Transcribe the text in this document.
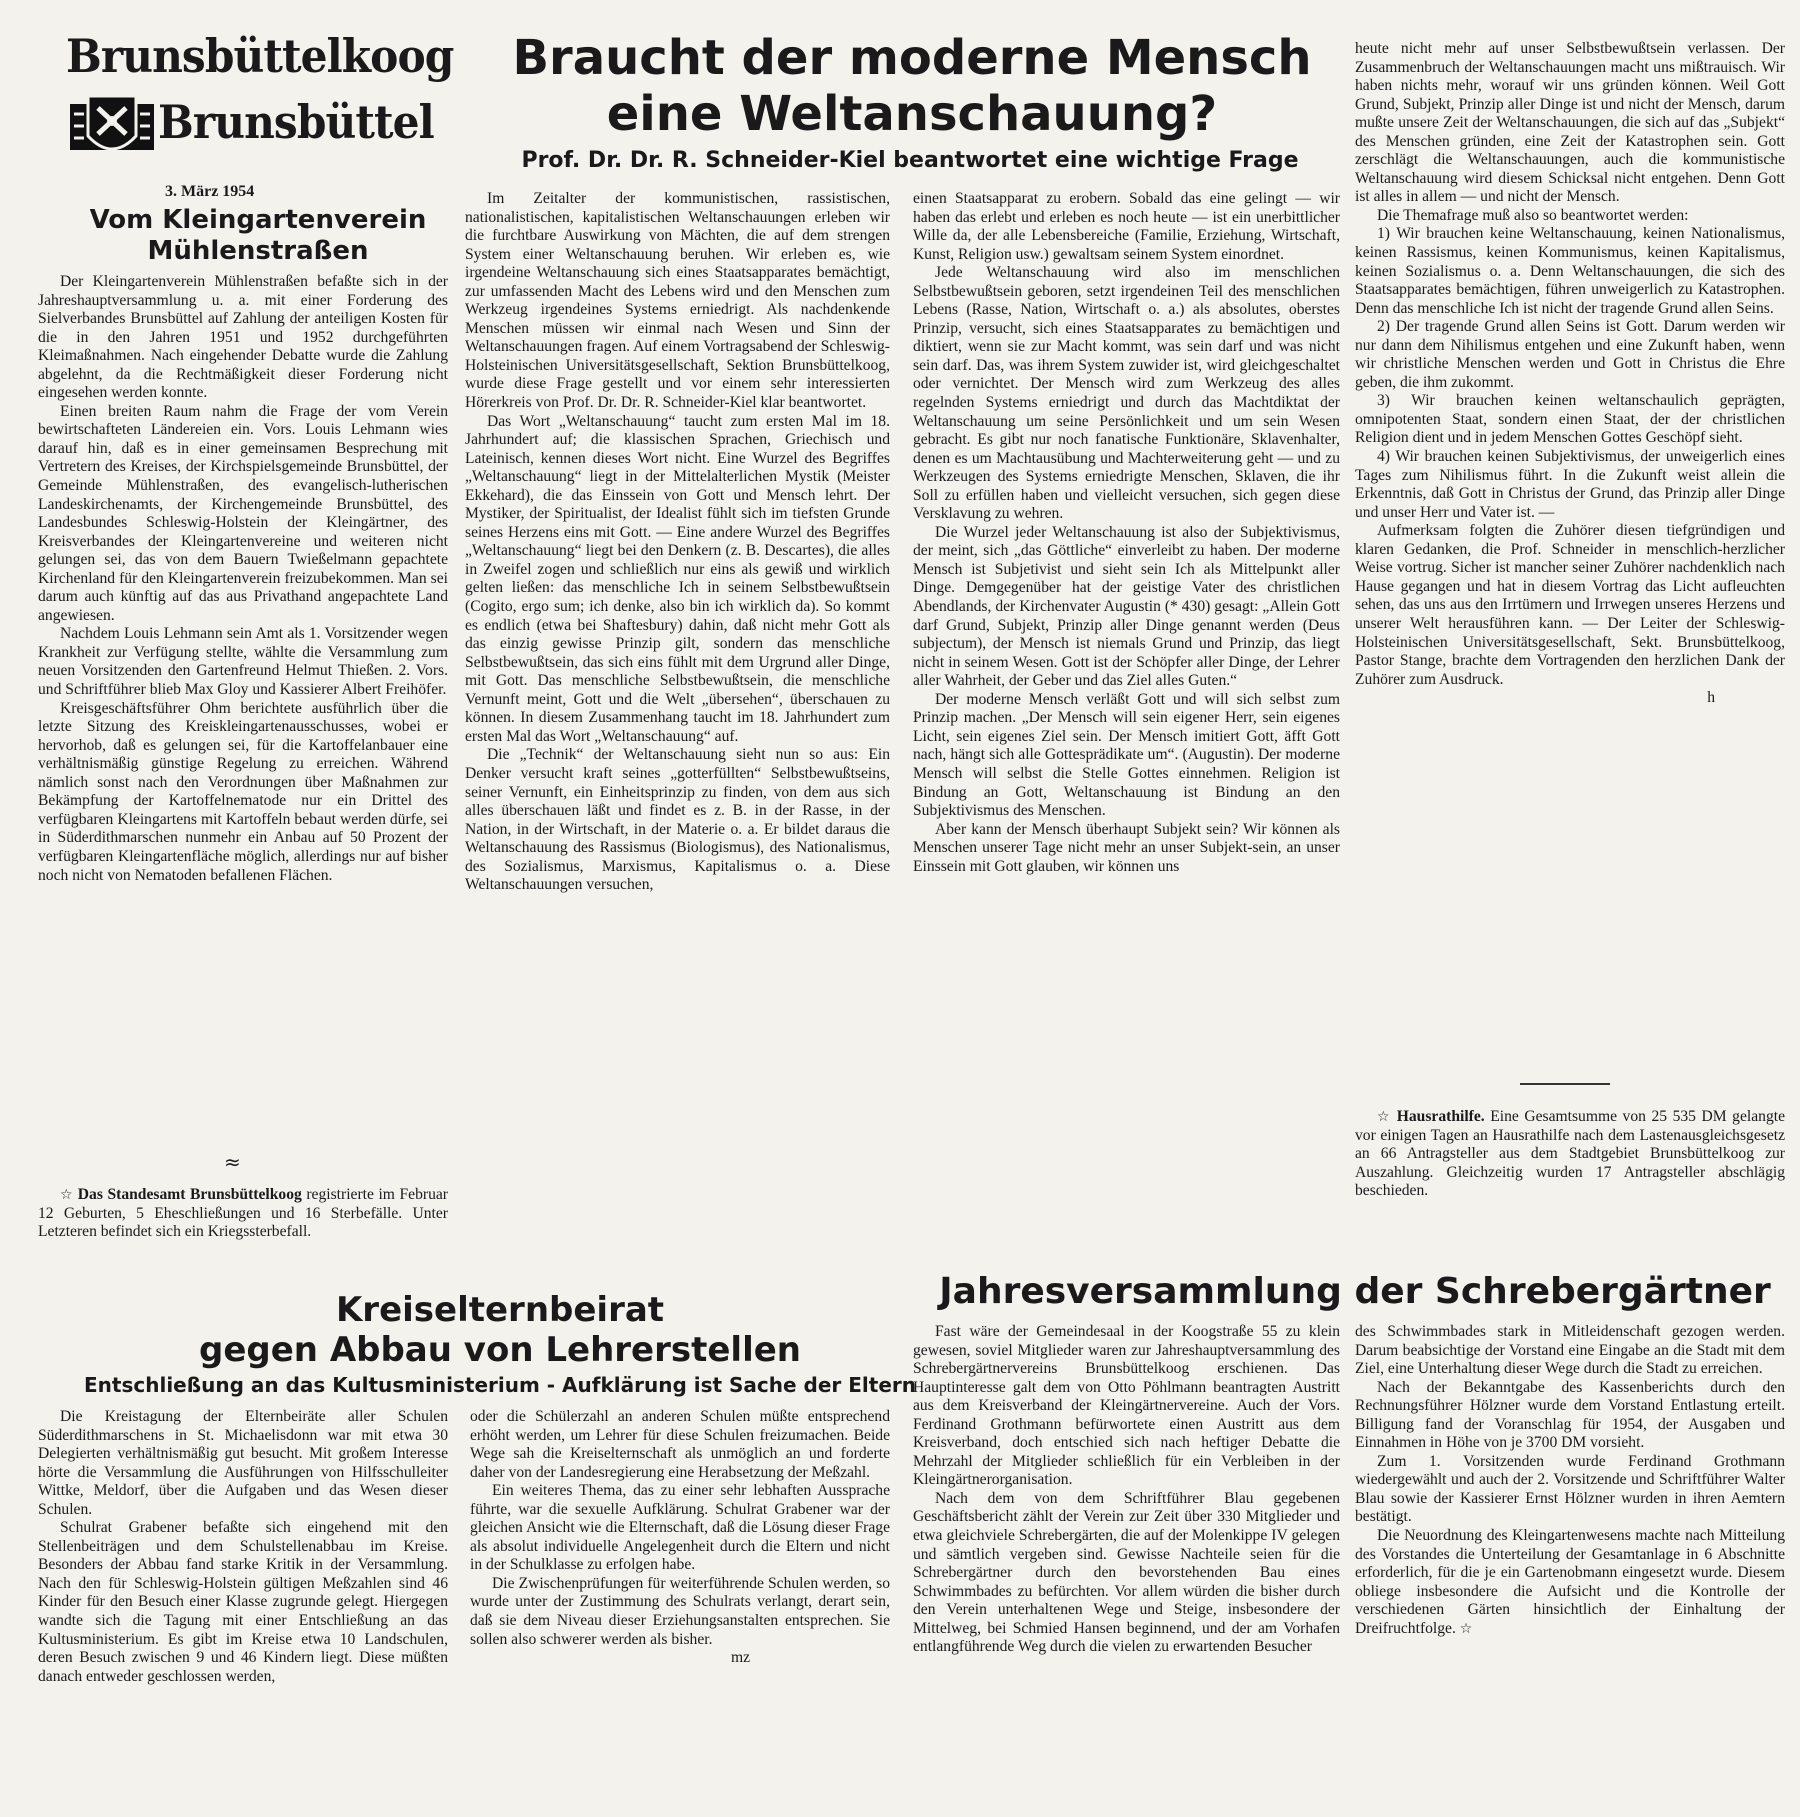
Brunsbüttelkoog
Brunsbüttel
3. März 1954
Braucht der moderne Mensch
eine Weltanschauung?
Prof. Dr. Dr. R. Schneider-Kiel beantwortet eine wichtige Frage

Im Zeitalter der kommunistischen, rassistischen, nationalistischen, kapitalistischen Weltanschauungen erleben wir die furchtbare Auswirkung von Mächten, die auf dem strengen System einer Weltanschauung beruhen. Wir erleben es, wie irgendeine Weltanschauung sich eines Staatsapparates bemächtigt, zur umfassenden Macht des Lebens wird und den Menschen zum Werkzeug irgendeines Systems erniedrigt. Als nachdenkende Menschen müssen wir einmal nach Wesen und Sinn der Weltanschauungen fragen. Auf einem Vortragsabend der Schleswig-Holsteinischen Universitätsgesellschaft, Sektion Brunsbüttelkoog, wurde diese Frage gestellt und vor einem sehr interessierten Hörerkreis von Prof. Dr. Dr. R. Schneider-Kiel klar beantwortet.

Das Wort „Weltanschauung“ taucht zum ersten Mal im 18. Jahrhundert auf; die klassischen Sprachen, Griechisch und Lateinisch, kennen dieses Wort nicht. Eine Wurzel des Begriffes „Weltanschauung“ liegt in der Mittelalterlichen Mystik (Meister Ekkehard), die das Einssein von Gott und Mensch lehrt. Der Mystiker, der Spiritualist, der Idealist fühlt sich im tiefsten Grunde seines Herzens eins mit Gott. — Eine andere Wurzel des Begriffes „Weltanschauung“ liegt bei den Denkern (z. B. Descartes), die alles in Zweifel zogen und schließlich nur eins als gewiß und wirklich gelten ließen: das menschliche Ich in seinem Selbstbewußtsein (Cogito, ergo sum; ich denke, also bin ich wirklich da). So kommt es endlich (etwa bei Shaftesbury) dahin, daß nicht mehr Gott als das einzig gewisse Prinzip gilt, sondern das menschliche Selbstbewußtsein, das sich eins fühlt mit dem Urgrund aller Dinge, mit Gott. Das menschliche Selbstbewußtsein, die menschliche Vernunft meint, Gott und die Welt „übersehen“, überschauen zu können. In diesem Zusammenhang taucht im 18. Jahrhundert zum ersten Mal das Wort „Weltanschauung“ auf.

Die „Technik“ der Weltanschauung sieht nun so aus: Ein Denker versucht kraft seines „gotterfüllten“ Selbstbewußtseins, seiner Vernunft, ein Einheitsprinzip zu finden, von dem aus sich alles überschauen läßt und findet es z. B. in der Rasse, in der Nation, in der Wirtschaft, in der Materie o. a. Er bildet daraus die Weltanschauung des Rassismus (Biologismus), des Nationalismus, des Sozialismus, Marxismus, Kapitalismus o. a. Diese Weltanschauungen versuchen,

einen Staatsapparat zu erobern. Sobald das eine gelingt — wir haben das erlebt und erleben es noch heute — ist ein unerbittlicher Wille da, der alle Lebensbereiche (Familie, Erziehung, Wirtschaft, Kunst, Religion usw.) gewaltsam seinem System einordnet.

Jede Weltanschauung wird also im menschlichen Selbstbewußtsein geboren, setzt irgendeinen Teil des menschlichen Lebens (Rasse, Nation, Wirtschaft o. a.) als absolutes, oberstes Prinzip, versucht, sich eines Staatsapparates zu bemächtigen und diktiert, wenn sie zur Macht kommt, was sein darf und was nicht sein darf. Das, was ihrem System zuwider ist, wird gleichgeschaltet oder vernichtet. Der Mensch wird zum Werkzeug des alles regelnden Systems erniedrigt und durch das Machtdiktat der Weltanschauung um seine Persönlichkeit und um sein Wesen gebracht. Es gibt nur noch fanatische Funktionäre, Sklavenhalter, denen es um Machtausübung und Machterweiterung geht — und zu Werkzeugen des Systems erniedrigte Menschen, Sklaven, die ihr Soll zu erfüllen haben und vielleicht versuchen, sich gegen diese Versklavung zu wehren.

Die Wurzel jeder Weltanschauung ist also der Subjektivismus, der meint, sich „das Göttliche“ einverleibt zu haben. Der moderne Mensch ist Subjetivist und sieht sein Ich als Mittelpunkt aller Dinge. Demgegenüber hat der geistige Vater des christlichen Abendlands, der Kirchenvater Augustin (* 430) gesagt: „Allein Gott darf Grund, Subjekt, Prinzip aller Dinge genannt werden (Deus subjectum), der Mensch ist niemals Grund und Prinzip, das liegt nicht in seinem Wesen. Gott ist der Schöpfer aller Dinge, der Lehrer aller Wahrheit, der Geber und das Ziel alles Guten.“

Der moderne Mensch verläßt Gott und will sich selbst zum Prinzip machen. „Der Mensch will sein eigener Herr, sein eigenes Licht, sein eigenes Ziel sein. Der Mensch imitiert Gott, äfft Gott nach, hängt sich alle Gottesprädikate um“. (Augustin). Der moderne Mensch will selbst die Stelle Gottes einnehmen. Religion ist Bindung an Gott, Weltanschauung ist Bindung an den Subjektivismus des Menschen.

Aber kann der Mensch überhaupt Subjekt sein? Wir können als Menschen unserer Tage nicht mehr an unser Subjekt-sein, an unser Einssein mit Gott glauben, wir können uns

heute nicht mehr auf unser Selbstbewußtsein verlassen. Der Zusammenbruch der Weltanschauungen macht uns mißtrauisch. Wir haben nichts mehr, worauf wir uns gründen können. Weil Gott Grund, Subjekt, Prinzip aller Dinge ist und nicht der Mensch, darum mußte unsere Zeit der Weltanschauungen, die sich auf das „Subjekt“ des Menschen gründen, eine Zeit der Katastrophen sein. Gott zerschlägt die Weltanschauungen, auch die kommunistische Weltanschauung wird diesem Schicksal nicht entgehen. Denn Gott ist alles in allem — und nicht der Mensch.

Die Themafrage muß also so beantwortet werden:

1) Wir brauchen keine Weltanschauung, keinen Nationalismus, keinen Rassismus, keinen Kommunismus, keinen Kapitalismus, keinen Sozialismus o. a. Denn Weltanschauungen, die sich des Staatsapparates bemächtigen, führen unweigerlich zu Katastrophen. Denn das menschliche Ich ist nicht der tragende Grund allen Seins.

2) Der tragende Grund allen Seins ist Gott. Darum werden wir nur dann dem Nihilismus entgehen und eine Zukunft haben, wenn wir christliche Menschen werden und Gott in Christus die Ehre geben, die ihm zukommt.

3) Wir brauchen keinen weltanschaulich geprägten, omnipotenten Staat, sondern einen Staat, der der christlichen Religion dient und in jedem Menschen Gottes Geschöpf sieht.

4) Wir brauchen keinen Subjektivismus, der unweigerlich eines Tages zum Nihilismus führt. In die Zukunft weist allein die Erkenntnis, daß Gott in Christus der Grund, das Prinzip aller Dinge und unser Herr und Vater ist. —

Aufmerksam folgten die Zuhörer diesen tiefgründigen und klaren Gedanken, die Prof. Schneider in menschlich-herzlicher Weise vortrug. Sicher ist mancher seiner Zuhörer nachdenklich nach Hause gegangen und hat in diesem Vortrag das Licht aufleuchten sehen, das uns aus den Irrtümern und Irrwegen unseres Herzens und unserer Welt herausführen kann. — Der Leiter der Schleswig-Holsteinischen Universitätsgesellschaft, Sekt. Brunsbüttelkoog, Pastor Stange, brachte dem Vortragenden den herzlichen Dank der Zuhörer zum Ausdruck.

h

☆ Hausrathilfe. Eine Gesamtsumme von 25 535 DM gelangte vor einigen Tagen an Hausrathilfe nach dem Lastenausgleichsgesetz an 66 Antragsteller aus dem Stadtgebiet Brunsbüttelkoog zur Auszahlung. Gleichzeitig wurden 17 Antragsteller abschlägig beschieden.

Vom Kleingartenverein
Mühlenstraßen

Der Kleingartenverein Mühlenstraßen befaßte sich in der Jahreshauptversammlung u. a. mit einer Forderung des Sielverbandes Brunsbüttel auf Zahlung der anteiligen Kosten für die in den Jahren 1951 und 1952 durchgeführten Kleimaßnahmen. Nach eingehender Debatte wurde die Zahlung abgelehnt, da die Rechtmäßigkeit dieser Forderung nicht eingesehen werden konnte.

Einen breiten Raum nahm die Frage der vom Verein bewirtschafteten Ländereien ein. Vors. Louis Lehmann wies darauf hin, daß es in einer gemeinsamen Besprechung mit Vertretern des Kreises, der Kirchspielsgemeinde Brunsbüttel, der Gemeinde Mühlenstraßen, des evangelisch-lutherischen Landeskirchenamts, der Kirchengemeinde Brunsbüttel, des Landesbundes Schleswig-Holstein der Kleingärtner, des Kreisverbandes der Kleingartenvereine und weiteren nicht gelungen sei, das von dem Bauern Twießelmann gepachtete Kirchenland für den Kleingartenverein freizubekommen. Man sei darum auch künftig auf das aus Privathand angepachtete Land angewiesen.

Nachdem Louis Lehmann sein Amt als 1. Vorsitzender wegen Krankheit zur Verfügung stellte, wählte die Versammlung zum neuen Vorsitzenden den Gartenfreund Helmut Thießen. 2. Vors. und Schriftführer blieb Max Gloy und Kassierer Albert Freihöfer.

Kreisgeschäftsführer Ohm berichtete ausführlich über die letzte Sitzung des Kreiskleingartenausschusses, wobei er hervorhob, daß es gelungen sei, für die Kartoffelanbauer eine verhältnismäßig günstige Regelung zu erreichen. Während nämlich sonst nach den Verordnungen über Maßnahmen zur Bekämpfung der Kartoffelnematode nur ein Drittel des verfügbaren Kleingartens mit Kartoffeln bebaut werden dürfe, sei in Süderdithmarschen nunmehr ein Anbau auf 50 Prozent der verfügbaren Kleingartenfläche möglich, allerdings nur auf bisher noch nicht von Nematoden befallenen Flächen.

≈

☆ Das Standesamt Brunsbüttelkoog registrierte im Februar 12 Geburten, 5 Eheschließungen und 16 Sterbefälle. Unter Letzteren befindet sich ein Kriegssterbefall.

Kreiselternbeirat
gegen Abbau von Lehrerstellen
Entschließung an das Kultusministerium - Aufklärung ist Sache der Eltern

Die Kreistagung der Elternbeiräte aller Schulen Süderdithmarschens in St. Michaelisdonn war mit etwa 30 Delegierten verhältnismäßig gut besucht. Mit großem Interesse hörte die Versammlung die Ausführungen von Hilfsschulleiter Wittke, Meldorf, über die Aufgaben und das Wesen dieser Schulen.

Schulrat Grabener befaßte sich eingehend mit den Stellenbeiträgen und dem Schulstellenabbau im Kreise. Besonders der Abbau fand starke Kritik in der Versammlung. Nach den für Schleswig-Holstein gültigen Meßzahlen sind 46 Kinder für den Besuch einer Klasse zugrunde gelegt. Hiergegen wandte sich die Tagung mit einer Entschließung an das Kultusministerium. Es gibt im Kreise etwa 10 Landschulen, deren Besuch zwischen 9 und 46 Kindern liegt. Diese müßten danach entweder geschlossen werden,

oder die Schülerzahl an anderen Schulen müßte entsprechend erhöht werden, um Lehrer für diese Schulen freizumachen. Beide Wege sah die Kreiselternschaft als unmöglich an und forderte daher von der Landesregierung eine Herabsetzung der Meßzahl.

Ein weiteres Thema, das zu einer sehr lebhaften Aussprache führte, war die sexuelle Aufklärung. Schulrat Grabener war der gleichen Ansicht wie die Elternschaft, daß die Lösung dieser Frage als absolut individuelle Angelegenheit durch die Eltern und nicht in der Schulklasse zu erfolgen habe.

Die Zwischenprüfungen für weiterführende Schulen werden, so wurde unter der Zustimmung des Schulrats verlangt, derart sein, daß sie dem Niveau dieser Erziehungsanstalten entsprechen. Sie sollen also schwerer werden als bisher.

mz

Jahresversammlung der Schrebergärtner

Fast wäre der Gemeindesaal in der Koogstraße 55 zu klein gewesen, soviel Mitglieder waren zur Jahreshauptversammlung des Schrebergärtnervereins Brunsbüttelkoog erschienen. Das Hauptinteresse galt dem von Otto Pöhlmann beantragten Austritt aus dem Kreisverband der Kleingärtnervereine. Auch der Vors. Ferdinand Grothmann befürwortete einen Austritt aus dem Kreisverband, doch entschied sich nach heftiger Debatte die Mehrzahl der Mitglieder schließlich für ein Verbleiben in der Kleingärtnerorganisation.

Nach dem von dem Schriftführer Blau gegebenen Geschäftsbericht zählt der Verein zur Zeit über 330 Mitglieder und etwa gleichviele Schrebergärten, die auf der Molenkippe IV gelegen und sämtlich vergeben sind. Gewisse Nachteile seien für die Schrebergärtner durch den bevorstehenden Bau eines Schwimmbades zu befürchten. Vor allem würden die bisher durch den Verein unterhaltenen Wege und Steige, insbesondere der Mittelweg, bei Schmied Hansen beginnend, und der am Vorhafen entlangführende Weg durch die vielen zu erwartenden Besucher

des Schwimmbades stark in Mitleidenschaft gezogen werden. Darum beabsichtige der Vorstand eine Eingabe an die Stadt mit dem Ziel, eine Unterhaltung dieser Wege durch die Stadt zu erreichen.

Nach der Bekanntgabe des Kassenberichts durch den Rechnungsführer Hölzner wurde dem Vorstand Entlastung erteilt. Billigung fand der Voranschlag für 1954, der Ausgaben und Einnahmen in Höhe von je 3700 DM vorsieht.

Zum 1. Vorsitzenden wurde Ferdinand Grothmann wiedergewählt und auch der 2. Vorsitzende und Schriftführer Walter Blau sowie der Kassierer Ernst Hölzner wurden in ihren Aemtern bestätigt.

Die Neuordnung des Kleingartenwesens machte nach Mitteilung des Vorstandes die Unterteilung der Gesamtanlage in 6 Abschnitte erforderlich, für die je ein Gartenobmann eingesetzt wurde. Diesem obliege insbesondere die Aufsicht und die Kontrolle der verschiedenen Gärten hinsichtlich der Einhaltung der Dreifruchtfolge. ☆
